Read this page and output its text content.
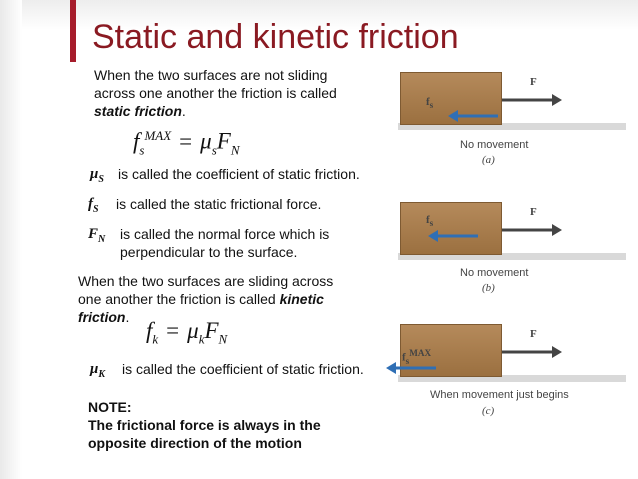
Static and kinetic friction
When the two surfaces are not sliding
across one another the friction is called
static friction.
$f_s^{MAX} = \mu_sF_N$
$\mu_S$ is called the coefficient of static friction.
$f_S$ is called the static frictional force.
$F_N$ is called the normal force which is
perpendicular to the surface.
When the two surfaces are sliding across
one another the friction is called kinetic
friction.
$f_k = \mu_kF_N$
$\mu_K$ is called the coefficient of static friction.
NOTE:
The frictional force is always in the
opposite direction of the motion
F
$f_s$
No movement
(a)
F
$f_s$
No movement
(b)
F
$f_s^{MAX}$
When movement just begins
(c)
